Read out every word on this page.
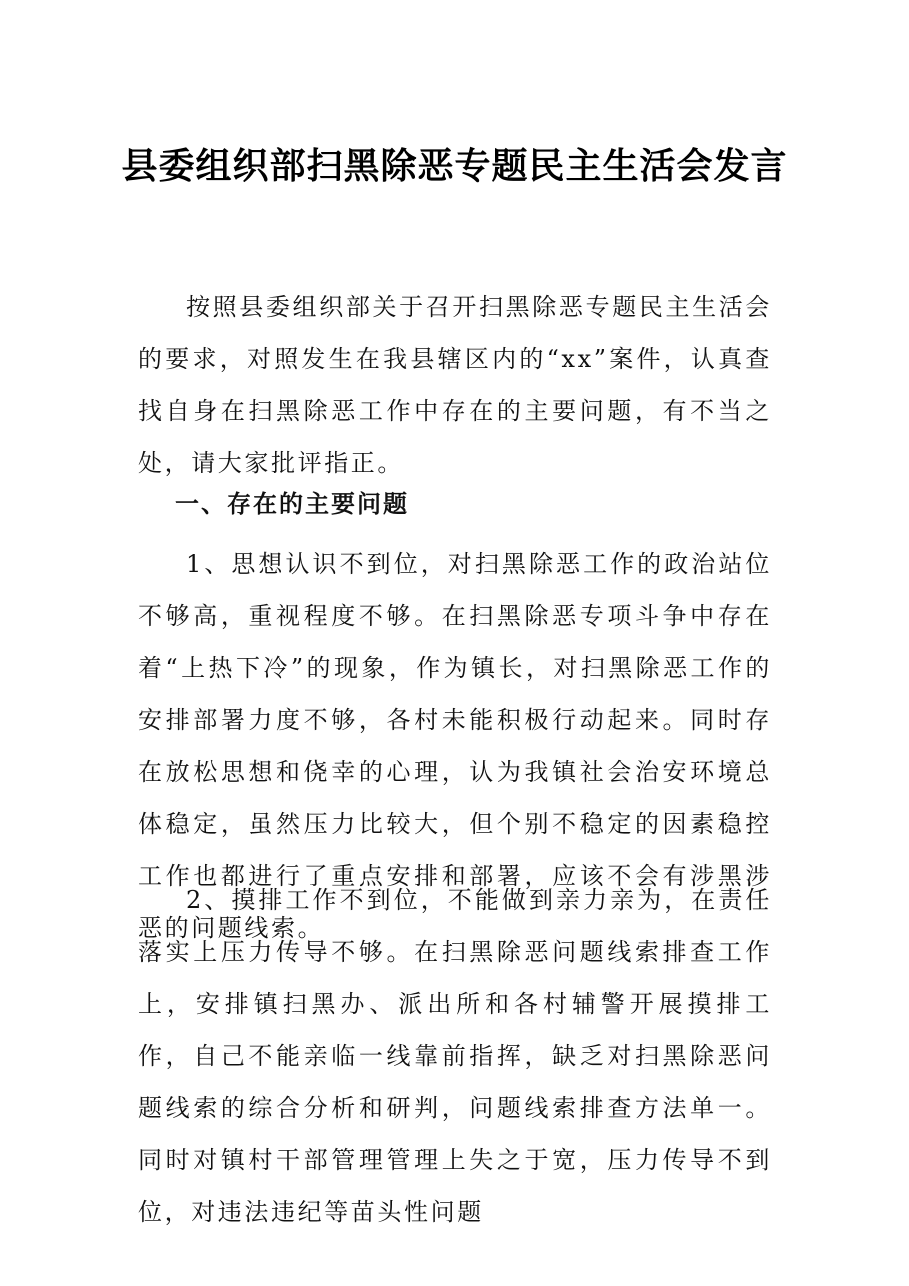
县委组织部扫黑除恶专题民主生活会发言

按照县委组织部关于召开扫黑除恶专题民主生活会的要求，对照发生在我县辖区内的“xx”案件，认真查找自身在扫黑除恶工作中存在的主要问题，有不当之处，请大家批评指正。

一、存在的主要问题

1、思想认识不到位，对扫黑除恶工作的政治站位不够高，重视程度不够。在扫黑除恶专项斗争中存在着“上热下冷”的现象，作为镇长，对扫黑除恶工作的安排部署力度不够，各村未能积极行动起来。同时存在放松思想和侥幸的心理，认为我镇社会治安环境总体稳定，虽然压力比较大，但个别不稳定的因素稳控工作也都进行了重点安排和部署，应该不会有涉黑涉恶的问题线索。

2、摸排工作不到位，不能做到亲力亲为，在责任落实上压力传导不够。在扫黑除恶问题线索排查工作上，安排镇扫黑办、派出所和各村辅警开展摸排工作，自己不能亲临一线靠前指挥，缺乏对扫黑除恶问题线索的综合分析和研判，问题线索排查方法单一。同时对镇村干部管理管理上失之于宽，压力传导不到位，对违法违纪等苗头性问题
